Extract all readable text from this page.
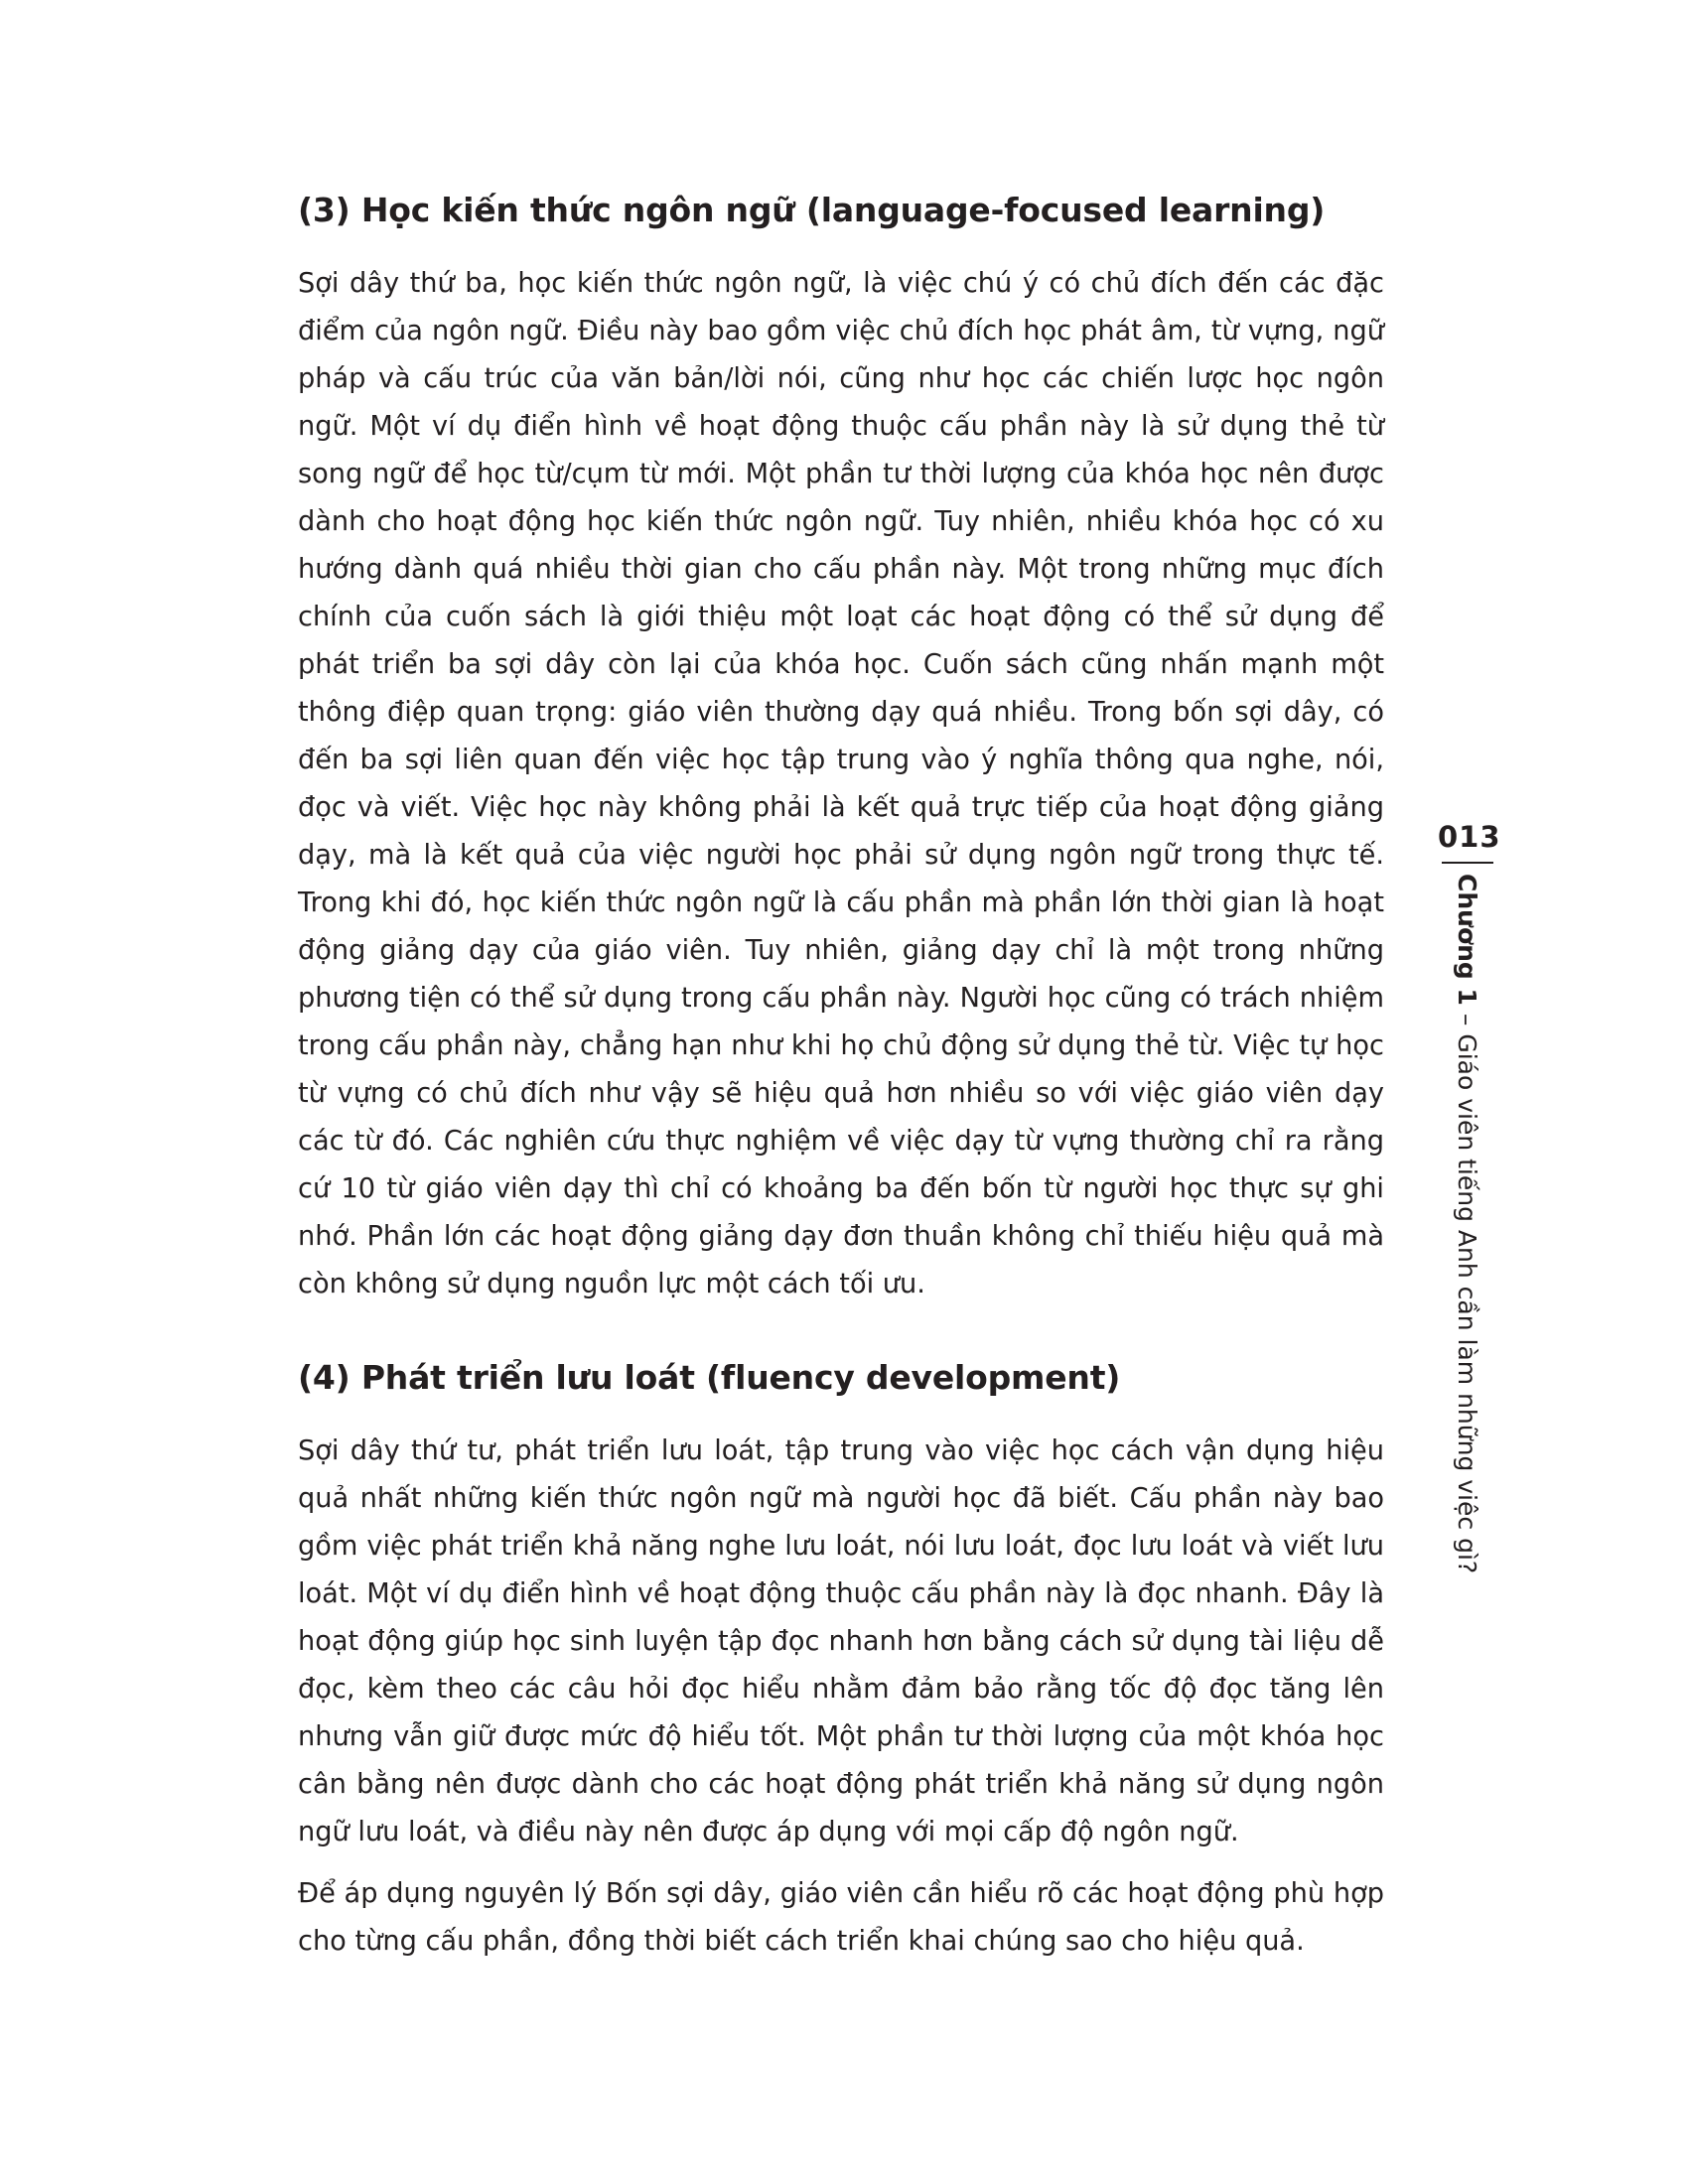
(3) Học kiến thức ngôn ngữ (language-focused learning)

Sợi dây thứ ba, học kiến thức ngôn ngữ, là việc chú ý có chủ đích đến các đặc điểm của ngôn ngữ. Điều này bao gồm việc chủ đích học phát âm, từ vựng, ngữ pháp và cấu trúc của văn bản/lời nói, cũng như học các chiến lược học ngôn ngữ. Một ví dụ điển hình về hoạt động thuộc cấu phần này là sử dụng thẻ từ song ngữ để học từ/cụm từ mới. Một phần tư thời lượng của khóa học nên được dành cho hoạt động học kiến thức ngôn ngữ. Tuy nhiên, nhiều khóa học có xu hướng dành quá nhiều thời gian cho cấu phần này. Một trong những mục đích chính của cuốn sách là giới thiệu một loạt các hoạt động có thể sử dụng để phát triển ba sợi dây còn lại của khóa học. Cuốn sách cũng nhấn mạnh một thông điệp quan trọng: giáo viên thường dạy quá nhiều. Trong bốn sợi dây, có đến ba sợi liên quan đến việc học tập trung vào ý nghĩa thông qua nghe, nói, đọc và viết. Việc học này không phải là kết quả trực tiếp của hoạt động giảng dạy, mà là kết quả của việc người học phải sử dụng ngôn ngữ trong thực tế. Trong khi đó, học kiến thức ngôn ngữ là cấu phần mà phần lớn thời gian là hoạt động giảng dạy của giáo viên. Tuy nhiên, giảng dạy chỉ là một trong những phương tiện có thể sử dụng trong cấu phần này. Người học cũng có trách nhiệm trong cấu phần này, chẳng hạn như khi họ chủ động sử dụng thẻ từ. Việc tự học từ vựng có chủ đích như vậy sẽ hiệu quả hơn nhiều so với việc giáo viên dạy các từ đó. Các nghiên cứu thực nghiệm về việc dạy từ vựng thường chỉ ra rằng cứ 10 từ giáo viên dạy thì chỉ có khoảng ba đến bốn từ người học thực sự ghi nhớ. Phần lớn các hoạt động giảng dạy đơn thuần không chỉ thiếu hiệu quả mà còn không sử dụng nguồn lực một cách tối ưu.

(4) Phát triển lưu loát (fluency development)

Sợi dây thứ tư, phát triển lưu loát, tập trung vào việc học cách vận dụng hiệu quả nhất những kiến thức ngôn ngữ mà người học đã biết. Cấu phần này bao gồm việc phát triển khả năng nghe lưu loát, nói lưu loát, đọc lưu loát và viết lưu loát. Một ví dụ điển hình về hoạt động thuộc cấu phần này là đọc nhanh. Đây là hoạt động giúp học sinh luyện tập đọc nhanh hơn bằng cách sử dụng tài liệu dễ đọc, kèm theo các câu hỏi đọc hiểu nhằm đảm bảo rằng tốc độ đọc tăng lên nhưng vẫn giữ được mức độ hiểu tốt. Một phần tư thời lượng của một khóa học cân bằng nên được dành cho các hoạt động phát triển khả năng sử dụng ngôn ngữ lưu loát, và điều này nên được áp dụng với mọi cấp độ ngôn ngữ.

Để áp dụng nguyên lý Bốn sợi dây, giáo viên cần hiểu rõ các hoạt động phù hợp cho từng cấu phần, đồng thời biết cách triển khai chúng sao cho hiệu quả.

013
Chương 1 – Giáo viên tiếng Anh cần làm những việc gì?
